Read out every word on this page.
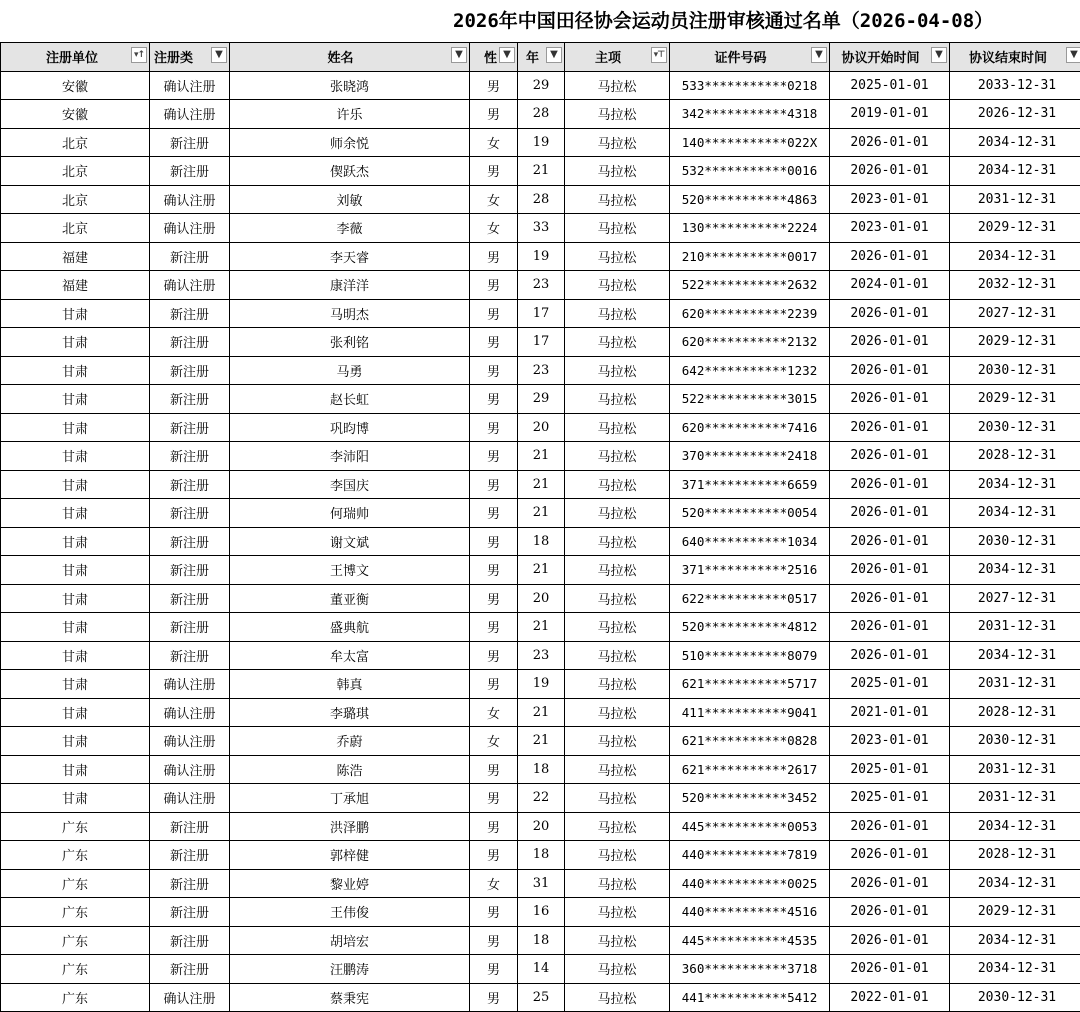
2026年中国田径协会运动员注册审核通过名单（2026-04-08）
注册单位 ▾↑	注册类 ▼	姓名 ▼	性 ▼	年 ▼	主项 ▾⊤	证件号码 ▼	协议开始时间 ▼	协议结束时间 ▼

安徽	确认注册	张晓鸿	男	29	马拉松	533***********0218	2025-01-01	2033-12-31
安徽	确认注册	许乐	男	28	马拉松	342***********4318	2019-01-01	2026-12-31
北京	新注册	师余悦	女	19	马拉松	140***********022X	2026-01-01	2034-12-31
北京	新注册	偰跃杰	男	21	马拉松	532***********0016	2026-01-01	2034-12-31
北京	确认注册	刘敏	女	28	马拉松	520***********4863	2023-01-01	2031-12-31
北京	确认注册	李薇	女	33	马拉松	130***********2224	2023-01-01	2029-12-31
福建	新注册	李天睿	男	19	马拉松	210***********0017	2026-01-01	2034-12-31
福建	确认注册	康洋洋	男	23	马拉松	522***********2632	2024-01-01	2032-12-31
甘肃	新注册	马明杰	男	17	马拉松	620***********2239	2026-01-01	2027-12-31
甘肃	新注册	张利铭	男	17	马拉松	620***********2132	2026-01-01	2029-12-31
甘肃	新注册	马勇	男	23	马拉松	642***********1232	2026-01-01	2030-12-31
甘肃	新注册	赵长虹	男	29	马拉松	522***********3015	2026-01-01	2029-12-31
甘肃	新注册	巩昀博	男	20	马拉松	620***********7416	2026-01-01	2030-12-31
甘肃	新注册	李沛阳	男	21	马拉松	370***********2418	2026-01-01	2028-12-31
甘肃	新注册	李国庆	男	21	马拉松	371***********6659	2026-01-01	2034-12-31
甘肃	新注册	何瑞帅	男	21	马拉松	520***********0054	2026-01-01	2034-12-31
甘肃	新注册	谢文斌	男	18	马拉松	640***********1034	2026-01-01	2030-12-31
甘肃	新注册	王博文	男	21	马拉松	371***********2516	2026-01-01	2034-12-31
甘肃	新注册	董亚衡	男	20	马拉松	622***********0517	2026-01-01	2027-12-31
甘肃	新注册	盛典航	男	21	马拉松	520***********4812	2026-01-01	2031-12-31
甘肃	新注册	牟太富	男	23	马拉松	510***********8079	2026-01-01	2034-12-31
甘肃	确认注册	韩真	男	19	马拉松	621***********5717	2025-01-01	2031-12-31
甘肃	确认注册	李璐琪	女	21	马拉松	411***********9041	2021-01-01	2028-12-31
甘肃	确认注册	乔蔚	女	21	马拉松	621***********0828	2023-01-01	2030-12-31
甘肃	确认注册	陈浩	男	18	马拉松	621***********2617	2025-01-01	2031-12-31
甘肃	确认注册	丁承旭	男	22	马拉松	520***********3452	2025-01-01	2031-12-31
广东	新注册	洪泽鹏	男	20	马拉松	445***********0053	2026-01-01	2034-12-31
广东	新注册	郭梓健	男	18	马拉松	440***********7819	2026-01-01	2028-12-31
广东	新注册	黎业婷	女	31	马拉松	440***********0025	2026-01-01	2034-12-31
广东	新注册	王伟俊	男	16	马拉松	440***********4516	2026-01-01	2029-12-31
广东	新注册	胡培宏	男	18	马拉松	445***********4535	2026-01-01	2034-12-31
广东	新注册	汪鹏涛	男	14	马拉松	360***********3718	2026-01-01	2034-12-31
广东	确认注册	蔡秉宪	男	25	马拉松	441***********5412	2022-01-01	2030-12-31
